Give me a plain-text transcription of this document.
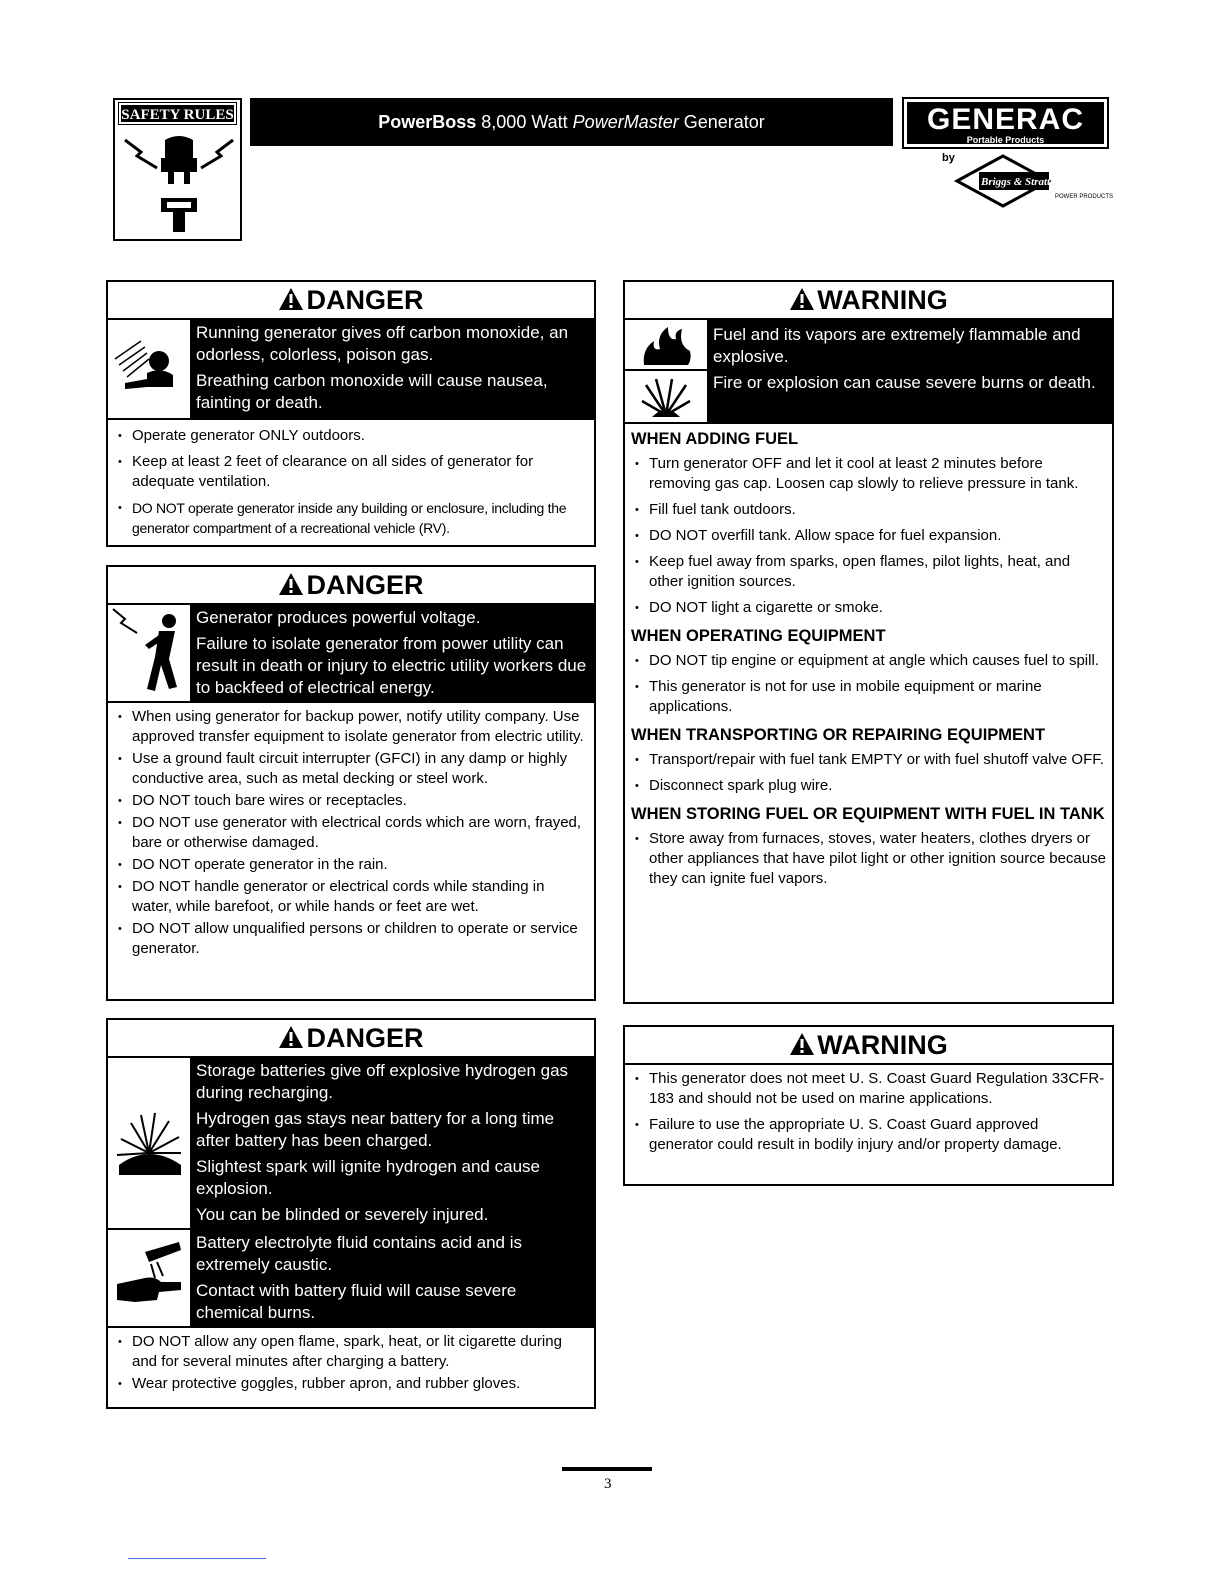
SAFETY RULES	PowerBoss 8,000 Watt PowerMaster Generator	GENERAC
Portable Products
by
Briggs & Stratton
POWER PRODUCTS
DANGER

Running generator gives off carbon monoxide, an odorless, colorless, poison gas.

Breathing carbon monoxide will cause nausea, fainting or death.

• Operate generator ONLY outdoors.
• Keep at least 2 feet of clearance on all sides of generator for adequate ventilation.
• DO NOT operate generator inside any building or enclosure, including the generator compartment of a recreational vehicle (RV).
DANGER

Generator produces powerful voltage.

Failure to isolate generator from power utility can result in death or injury to electric utility workers due to backfeed of electrical energy.

• When using generator for backup power, notify utility company. Use approved transfer equipment to isolate generator from electric utility.
• Use a ground fault circuit interrupter (GFCI) in any damp or highly conductive area, such as metal decking or steel work.
• DO NOT touch bare wires or receptacles.
• DO NOT use generator with electrical cords which are worn, frayed, bare or otherwise damaged.
• DO NOT operate generator in the rain.
• DO NOT handle generator or electrical cords while standing in water, while barefoot, or while hands or feet are wet.
• DO NOT allow unqualified persons or children to operate or service generator.
DANGER

Storage batteries give off explosive hydrogen gas during recharging.

Hydrogen gas stays near battery for a long time after battery has been charged.

Slightest spark will ignite hydrogen and cause explosion.

You can be blinded or severely injured.

Battery electrolyte fluid contains acid and is extremely caustic.

Contact with battery fluid will cause severe chemical burns.

• DO NOT allow any open flame, spark, heat, or lit cigarette during and for several minutes after charging a battery.
• Wear protective goggles, rubber apron, and rubber gloves.
WARNING

Fuel and its vapors are extremely flammable and explosive.

Fire or explosion can cause severe burns or death.

WHEN ADDING FUEL
• Turn generator OFF and let it cool at least 2 minutes before removing gas cap. Loosen cap slowly to relieve pressure in tank.
• Fill fuel tank outdoors.
• DO NOT overfill tank. Allow space for fuel expansion.
• Keep fuel away from sparks, open flames, pilot lights, heat, and other ignition sources.
• DO NOT light a cigarette or smoke.
WHEN OPERATING EQUIPMENT
• DO NOT tip engine or equipment at angle which causes fuel to spill.
• This generator is not for use in mobile equipment or marine applications.
WHEN TRANSPORTING OR REPAIRING EQUIPMENT
• Transport/repair with fuel tank EMPTY or with fuel shutoff valve OFF.
• Disconnect spark plug wire.
WHEN STORING FUEL OR EQUIPMENT WITH FUEL IN TANK
• Store away from furnaces, stoves, water heaters, clothes dryers or other appliances that have pilot light or other ignition source because they can ignite fuel vapors.
WARNING
• This generator does not meet U. S. Coast Guard Regulation 33CFR-183 and should not be used on marine applications.
• Failure to use the appropriate U. S. Coast Guard approved generator could result in bodily injury and/or property damage.
3
